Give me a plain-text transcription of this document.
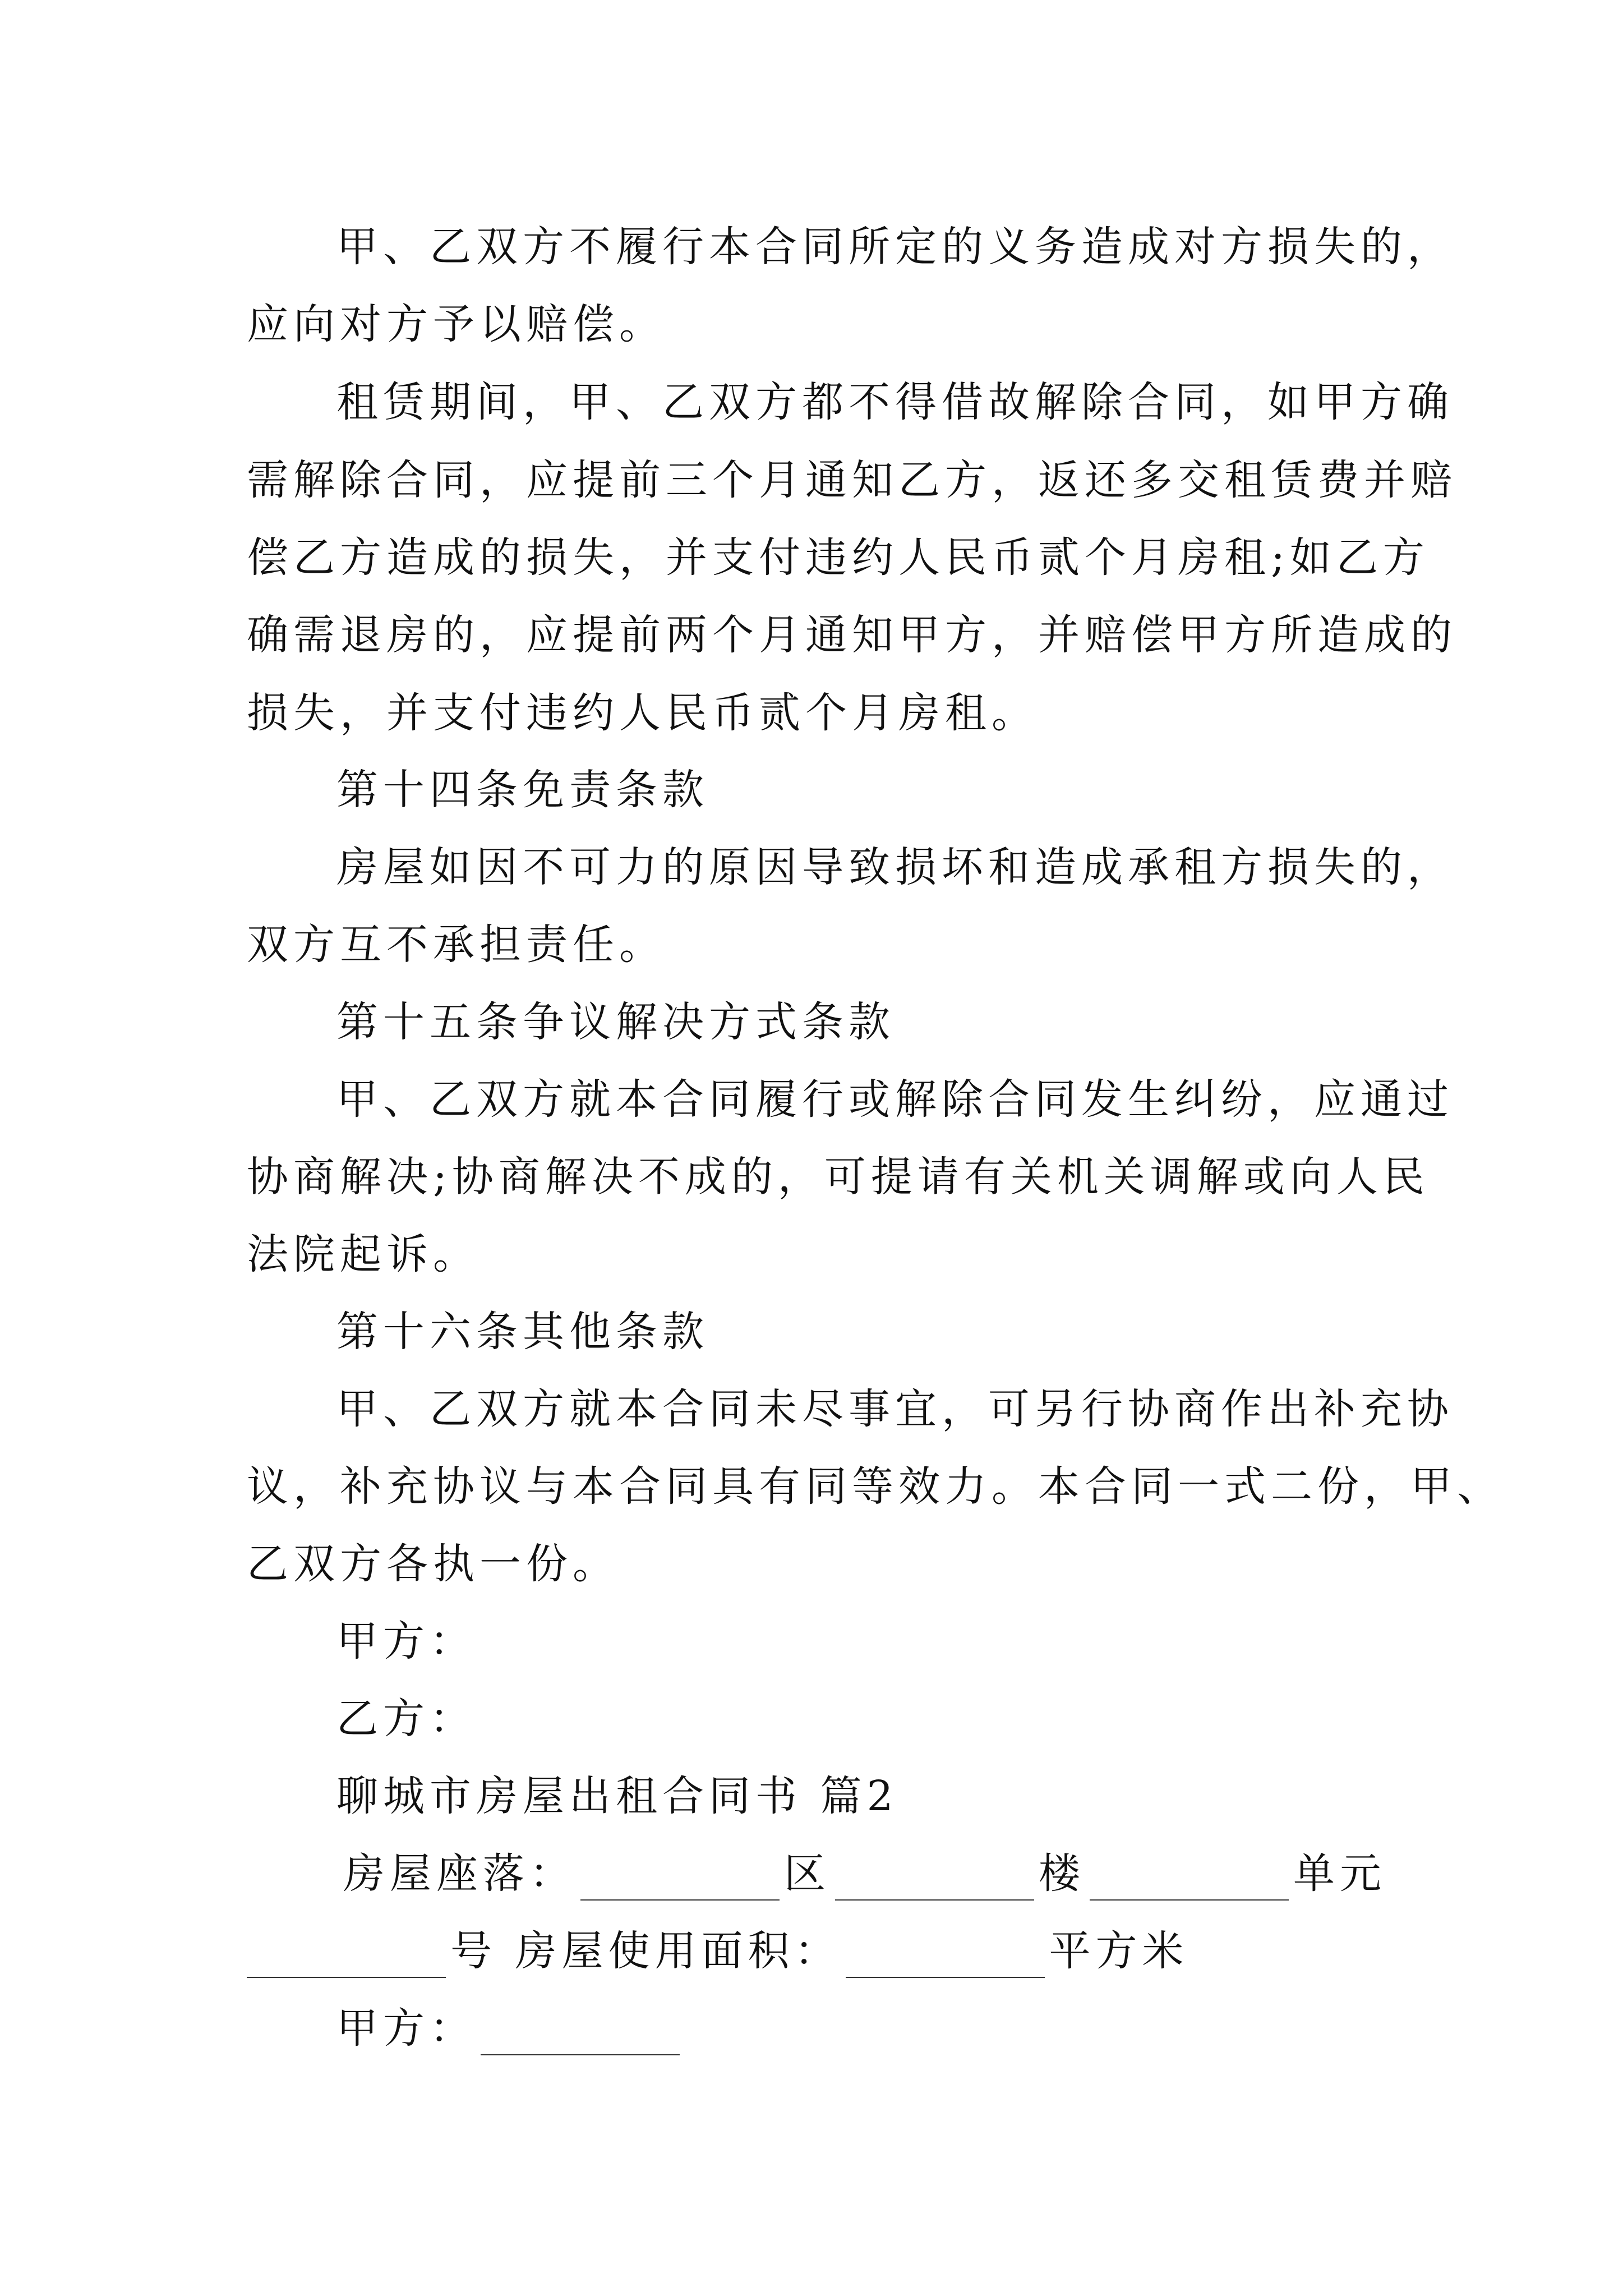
甲、乙双方不履行本合同所定的义务造成对方损失的，
应向对方予以赔偿。
租赁期间，甲、乙双方都不得借故解除合同，如甲方确
需解除合同，应提前三个月通知乙方，返还多交租赁费并赔
偿乙方造成的损失，并支付违约人民币贰个月房租;如乙方
确需退房的，应提前两个月通知甲方，并赔偿甲方所造成的
损失，并支付违约人民币贰个月房租。
第十四条免责条款
房屋如因不可力的原因导致损坏和造成承租方损失的，
双方互不承担责任。
第十五条争议解决方式条款
甲、乙双方就本合同履行或解除合同发生纠纷，应通过
协商解决;协商解决不成的，可提请有关机关调解或向人民
法院起诉。
第十六条其他条款
甲、乙双方就本合同未尽事宜，可另行协商作出补充协
议，补充协议与本合同具有同等效力。本合同一式二份，甲、
乙双方各执一份。
甲方：
乙方：
聊城市房屋出租合同书 篇2
房屋座落：	区	楼	单元
号 房屋使用面积：	平方米
甲方：
